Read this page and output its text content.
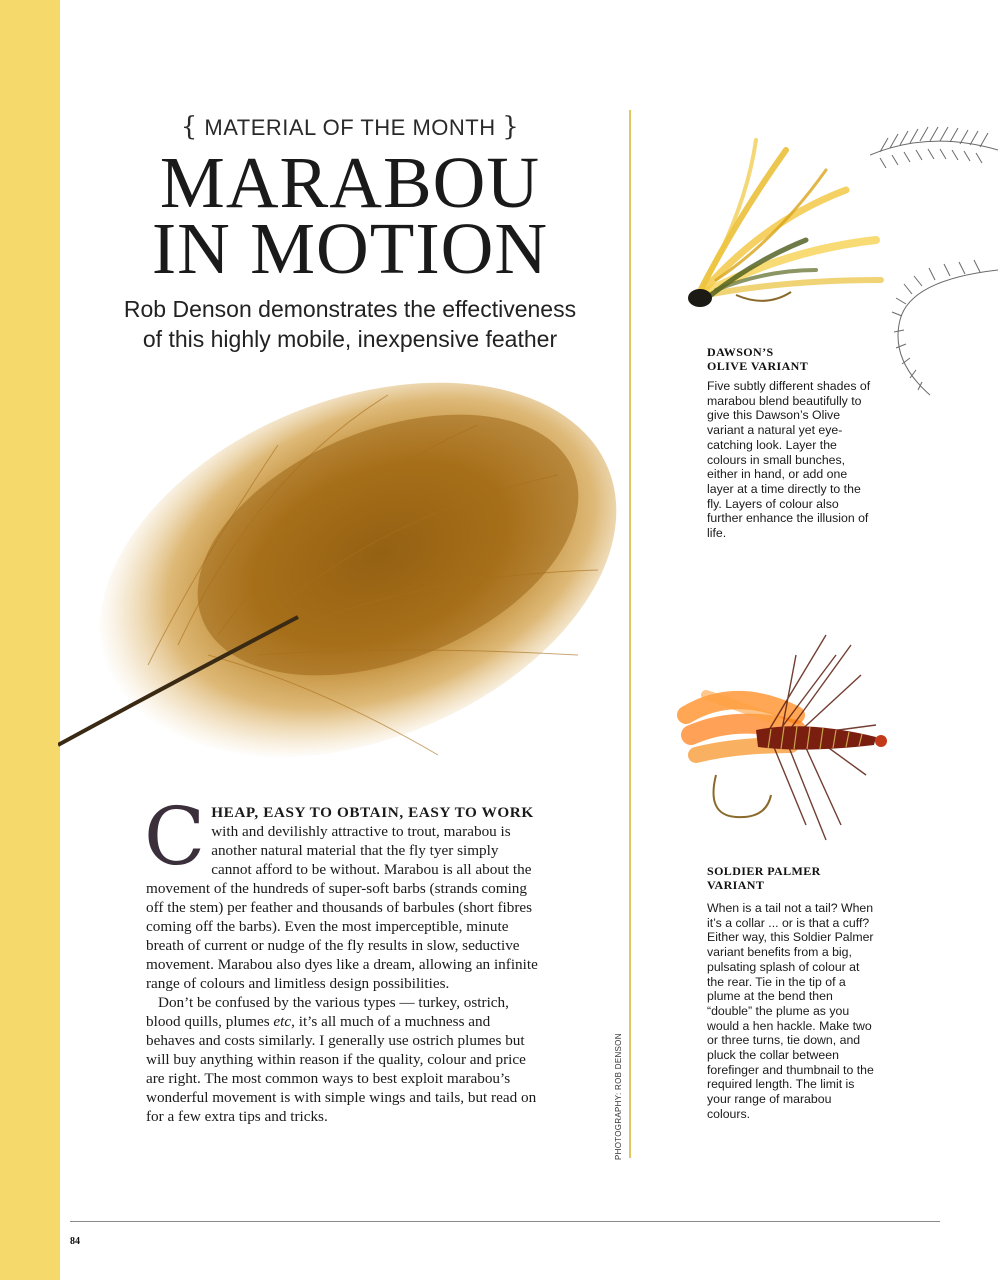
{ MATERIAL OF THE MONTH }
MARABOU
IN MOTION
Rob Denson demonstrates the effectiveness
of this highly mobile, inexpensive feather

C HEAP, EASY TO OBTAIN, EASY TO WORK with and devilishly attractive to trout, marabou is another natural material that the fly tyer simply cannot afford to be without. Marabou is all about the movement of the hundreds of super-soft barbs (strands coming off the stem) per feather and thousands of barbules (short fibres coming off the barbs). Even the most imperceptible, minute breath of current or nudge of the fly results in slow, seductive movement. Marabou also dyes like a dream, allowing an infinite range of colours and limitless design possibilities.

Don’t be confused by the various types — turkey, ostrich, blood quills, plumes etc, it’s all much of a muchness and behaves and costs similarly. I generally use ostrich plumes but will buy anything within reason if the quality, colour and price are right. The most common ways to best exploit marabou’s wonderful movement is with simple wings and tails, but read on for a few extra tips and tricks.	PHOTOGRAPHY: ROB DENSON
DAWSON’S
OLIVE VARIANT
Five subtly different shades of marabou blend beautifully to give this Dawson’s Olive variant a natural yet eye-catching look. Layer the colours in small bunches, either in hand, or add one layer at a time directly to the fly. Layers of colour also further enhance the illusion of life.
SOLDIER PALMER
VARIANT
When is a tail not a tail? When it’s a collar ... or is that a cuff? Either way, this Soldier Palmer variant benefits from a big, pulsating splash of colour at the rear. Tie in the tip of a plume at the bend then “double” the plume as you would a hen hackle. Make two or three turns, tie down, and pluck the collar between forefinger and thumbnail to the required length. The limit is your range of marabou colours.
84
